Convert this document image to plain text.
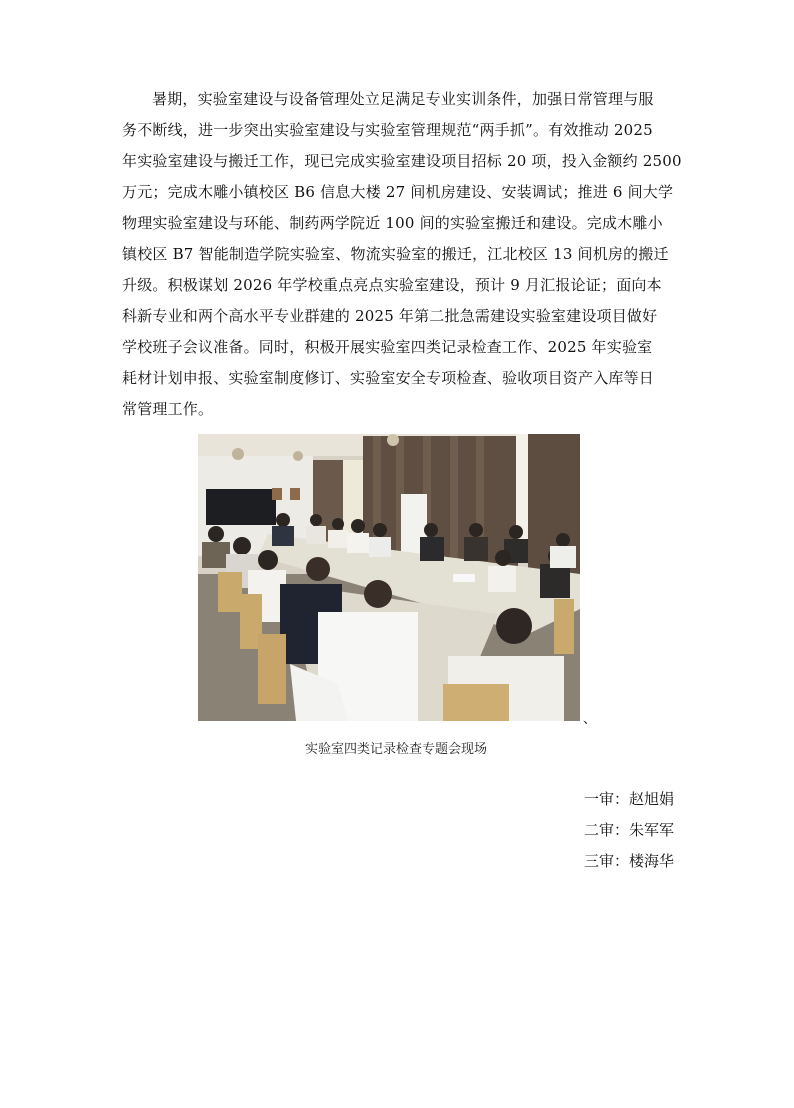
暑期，实验室建设与设备管理处立足满足专业实训条件，加强日常管理与服
务不断线，进一步突出实验室建设与实验室管理规范“两手抓”。有效推动 2025
年实验室建设与搬迁工作，现已完成实验室建设项目招标 20 项，投入金额约 2500
万元；完成木雕小镇校区 B6 信息大楼 27 间机房建设、安装调试；推进 6 间大学
物理实验室建设与环能、制药两学院近 100 间的实验室搬迁和建设。完成木雕小
镇校区 B7 智能制造学院实验室、物流实验室的搬迁，江北校区 13 间机房的搬迁
升级。积极谋划 2026 年学校重点亮点实验室建设，预计 9 月汇报论证；面向本
科新专业和两个高水平专业群建的 2025 年第二批急需建设实验室建设项目做好
学校班子会议准备。同时，积极开展实验室四类记录检查工作、2025 年实验室
耗材计划申报、实验室制度修订、实验室安全专项检查、验收项目资产入库等日
常管理工作。

、
实验室四类记录检查专题会现场
一审：赵旭娟
二审：朱军军
三审：楼海华
